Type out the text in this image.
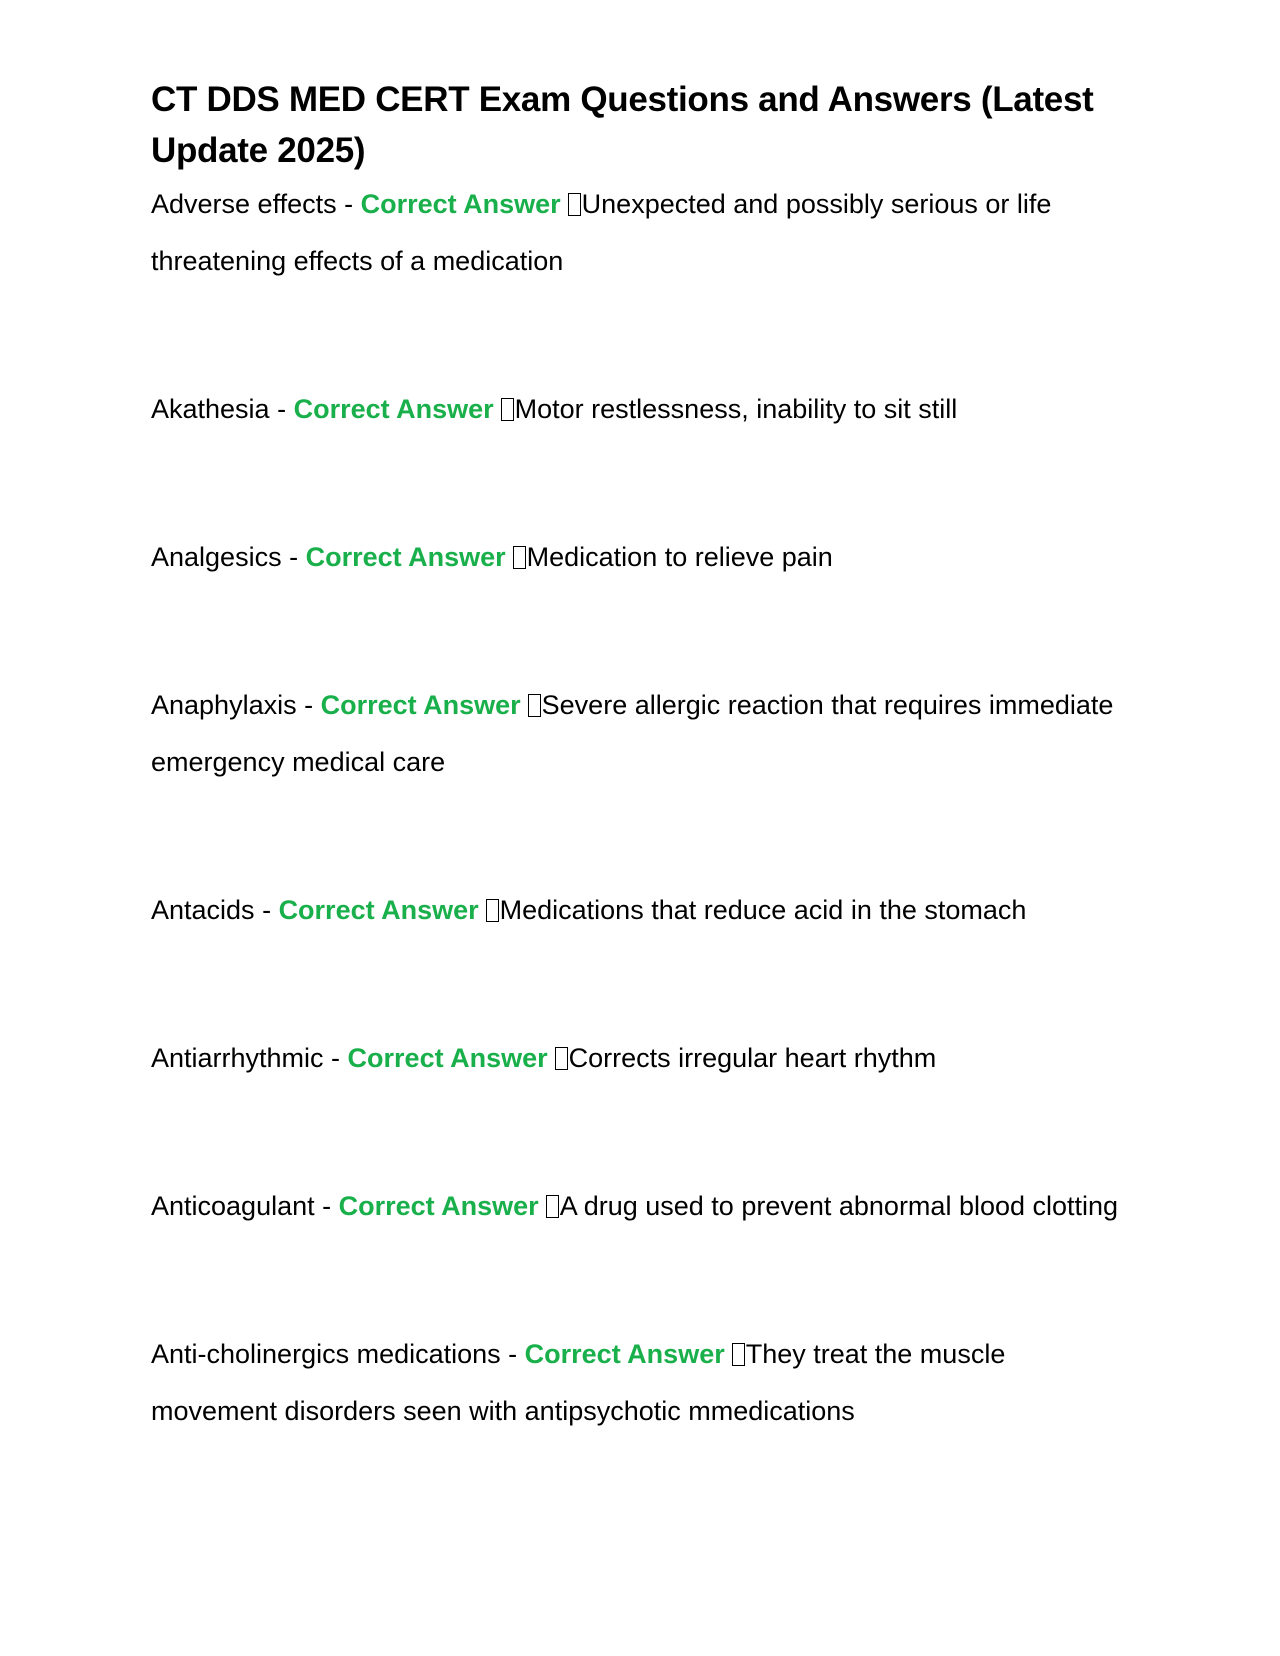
CT DDS MED CERT Exam Questions and Answers (Latest Update 2025)
Adverse effects - Correct Answer Unexpected and possibly serious or life threatening effects of a medication
Akathesia - Correct Answer Motor restlessness, inability to sit still
Analgesics - Correct Answer Medication to relieve pain
Anaphylaxis - Correct Answer Severe allergic reaction that requires immediate emergency medical care
Antacids - Correct Answer Medications that reduce acid in the stomach
Antiarrhythmic - Correct Answer Corrects irregular heart rhythm
Anticoagulant - Correct Answer A drug used to prevent abnormal blood clotting
Anti-cholinergics medications - Correct Answer They treat the muscle movement disorders seen with antipsychotic mmedications
